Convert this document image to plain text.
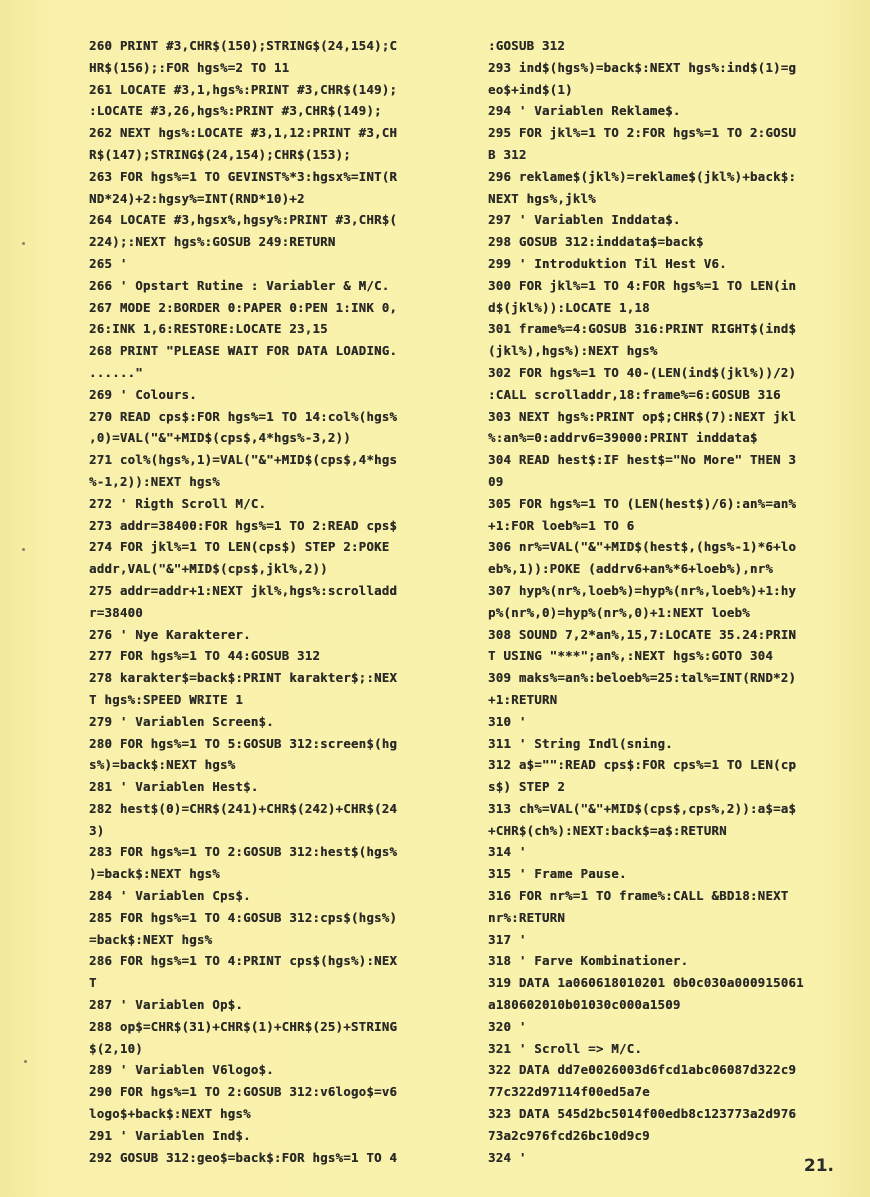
260 PRINT #3,CHR$(150);STRING$(24,154);C
HR$(156);:FOR hgs%=2 TO 11
261 LOCATE #3,1,hgs%:PRINT #3,CHR$(149);
:LOCATE #3,26,hgs%:PRINT #3,CHR$(149);
262 NEXT hgs%:LOCATE #3,1,12:PRINT #3,CH
R$(147);STRING$(24,154);CHR$(153);
263 FOR hgs%=1 TO GEVINST%*3:hgsx%=INT(R
ND*24)+2:hgsy%=INT(RND*10)+2
264 LOCATE #3,hgsx%,hgsy%:PRINT #3,CHR$(
224);:NEXT hgs%:GOSUB 249:RETURN
265 '
266 ' Opstart Rutine : Variabler & M/C.
267 MODE 2:BORDER 0:PAPER 0:PEN 1:INK 0,
26:INK 1,6:RESTORE:LOCATE 23,15
268 PRINT "PLEASE WAIT FOR DATA LOADING.
......"
269 ' Colours.
270 READ cps$:FOR hgs%=1 TO 14:col%(hgs%
,0)=VAL("&"+MID$(cps$,4*hgs%-3,2))
271 col%(hgs%,1)=VAL("&"+MID$(cps$,4*hgs
%-1,2)):NEXT hgs%
272 ' Rigth Scroll M/C.
273 addr=38400:FOR hgs%=1 TO 2:READ cps$
274 FOR jkl%=1 TO LEN(cps$) STEP 2:POKE
addr,VAL("&"+MID$(cps$,jkl%,2))
275 addr=addr+1:NEXT jkl%,hgs%:scrolladd
r=38400
276 ' Nye Karakterer.
277 FOR hgs%=1 TO 44:GOSUB 312
278 karakter$=back$:PRINT karakter$;:NEX
T hgs%:SPEED WRITE 1
279 ' Variablen Screen$.
280 FOR hgs%=1 TO 5:GOSUB 312:screen$(hg
s%)=back$:NEXT hgs%
281 ' Variablen Hest$.
282 hest$(0)=CHR$(241)+CHR$(242)+CHR$(24
3)
283 FOR hgs%=1 TO 2:GOSUB 312:hest$(hgs%
)=back$:NEXT hgs%
284 ' Variablen Cps$.
285 FOR hgs%=1 TO 4:GOSUB 312:cps$(hgs%)
=back$:NEXT hgs%
286 FOR hgs%=1 TO 4:PRINT cps$(hgs%):NEX
T
287 ' Variablen Op$.
288 op$=CHR$(31)+CHR$(1)+CHR$(25)+STRING
$(2,10)
289 ' Variablen V6logo$.
290 FOR hgs%=1 TO 2:GOSUB 312:v6logo$=v6
logo$+back$:NEXT hgs%
291 ' Variablen Ind$.
292 GOSUB 312:geo$=back$:FOR hgs%=1 TO 4
:GOSUB 312
293 ind$(hgs%)=back$:NEXT hgs%:ind$(1)=g
eo$+ind$(1)
294 ' Variablen Reklame$.
295 FOR jkl%=1 TO 2:FOR hgs%=1 TO 2:GOSU
B 312
296 reklame$(jkl%)=reklame$(jkl%)+back$:
NEXT hgs%,jkl%
297 ' Variablen Inddata$.
298 GOSUB 312:inddata$=back$
299 ' Introduktion Til Hest V6.
300 FOR jkl%=1 TO 4:FOR hgs%=1 TO LEN(in
d$(jkl%)):LOCATE 1,18
301 frame%=4:GOSUB 316:PRINT RIGHT$(ind$
(jkl%),hgs%):NEXT hgs%
302 FOR hgs%=1 TO 40-(LEN(ind$(jkl%))/2)
:CALL scrolladdr,18:frame%=6:GOSUB 316
303 NEXT hgs%:PRINT op$;CHR$(7):NEXT jkl
%:an%=0:addrv6=39000:PRINT inddata$
304 READ hest$:IF hest$="No More" THEN 3
09
305 FOR hgs%=1 TO (LEN(hest$)/6):an%=an%
+1:FOR loeb%=1 TO 6
306 nr%=VAL("&"+MID$(hest$,(hgs%-1)*6+lo
eb%,1)):POKE (addrv6+an%*6+loeb%),nr%
307 hyp%(nr%,loeb%)=hyp%(nr%,loeb%)+1:hy
p%(nr%,0)=hyp%(nr%,0)+1:NEXT loeb%
308 SOUND 7,2*an%,15,7:LOCATE 35.24:PRIN
T USING "***";an%,:NEXT hgs%:GOTO 304
309 maks%=an%:beloeb%=25:tal%=INT(RND*2)
+1:RETURN
310 '
311 ' String Indl(sning.
312 a$="":READ cps$:FOR cps%=1 TO LEN(cp
s$) STEP 2
313 ch%=VAL("&"+MID$(cps$,cps%,2)):a$=a$
+CHR$(ch%):NEXT:back$=a$:RETURN
314 '
315 ' Frame Pause.
316 FOR nr%=1 TO frame%:CALL &BD18:NEXT
nr%:RETURN
317 '
318 ' Farve Kombinationer.
319 DATA 1a060618010201 0b0c030a000915061
a180602010b01030c000a1509
320 '
321 ' Scroll => M/C.
322 DATA dd7e0026003d6fcd1abc06087d322c9
77c322d97114f00ed5a7e
323 DATA 545d2bc5014f00edb8c123773a2d976
73a2c976fcd26bc10d9c9
324 '	21.
